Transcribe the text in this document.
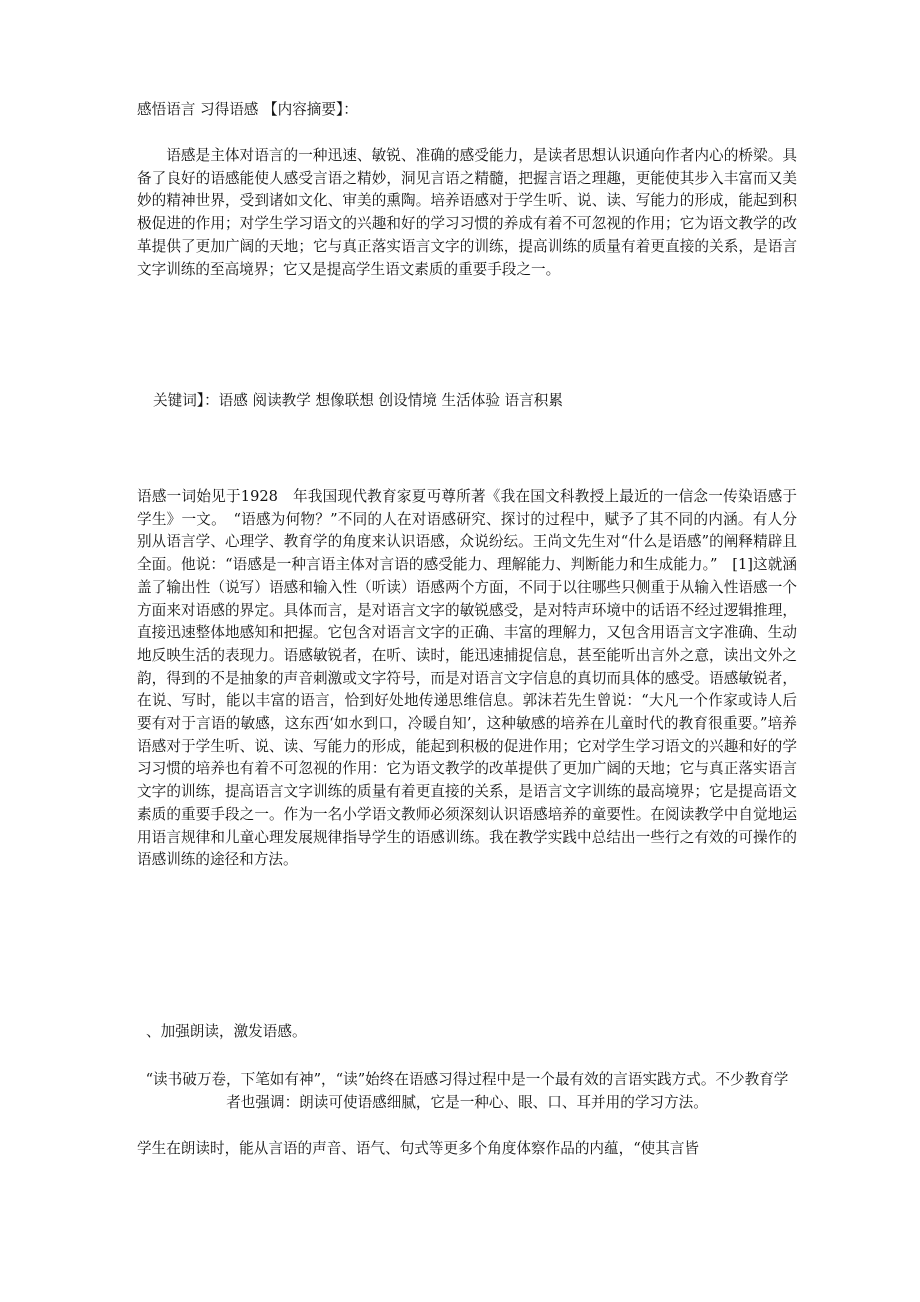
感悟语言 习得语感 【内容摘要】：
语感是主体对语言的一种迅速、敏锐、准确的感受能力，是读者思想认识通向作者内心的桥梁。具备了良好的语感能使人感受言语之精妙，洞见言语之精髓，把握言语之理趣，更能使其步入丰富而又美妙的精神世界，受到诸如文化、审美的熏陶。培养语感对于学生听、说、读、写能力的形成，能起到积极促进的作用；对学生学习语文的兴趣和好的学习习惯的养成有着不可忽视的作用；它为语文教学的改革提供了更加广阔的天地；它与真正落实语言文字的训练，提高训练的质量有着更直接的关系，是语言文字训练的至高境界；它又是提高学生语文素质的重要手段之一。
关键词】：语感 阅读教学 想像联想 创设情境 生活体验 语言积累
语感一词始见于1928　年我国现代教育家夏丏尊所著《我在国文科教授上最近的一信念一传染语感于学生》一文。　“语感为何物？”不同的人在对语感研究、探讨的过程中，赋予了其不同的内涵。有人分别从语言学、心理学、教育学的角度来认识语感，众说纷纭。王尚文先生对“什么是语感”的阐释精辟且全面。他说：“语感是一种言语主体对言语的感受能力、理解能力、判断能力和生成能力。”　[1]这就涵盖了输出性（说写）语感和输入性（听读）语感两个方面，不同于以往哪些只侧重于从输入性语感一个方面来对语感的界定。具体而言，是对语言文字的敏锐感受，是对特声环境中的话语不经过逻辑推理，直接迅速整体地感知和把握。它包含对语言文字的正确、丰富的理解力，又包含用语言文字准确、生动地反映生活的表现力。语感敏锐者，在听、读时，能迅速捕捉信息，甚至能听出言外之意，读出文外之韵，得到的不是抽象的声音刺激或文字符号，而是对语言文字信息的真切而具体的感受。语感敏锐者，在说、写时，能以丰富的语言，恰到好处地传递思维信息。郭沫若先生曾说：“大凡一个作家或诗人后要有对于言语的敏感，这东西‘如水到口，冷暖自知’，这种敏感的培养在儿童时代的教育很重要。”培养语感对于学生听、说、读、写能力的形成，能起到积极的促进作用；它对学生学习语文的兴趣和好的学习习惯的培养也有着不可忽视的作用：它为语文教学的改革提供了更加广阔的天地；它与真正落实语言文字的训练，提高语言文字训练的质量有着更直接的关系，是语言文字训练的最高境界；它是提高语文素质的重要手段之一。作为一名小学语文教师必须深刻认识语感培养的童要性。在阅读教学中自觉地运用语言规律和儿童心理发展规律指导学生的语感训练。我在教学实践中总结出一些行之有效的可操作的语感训练的途径和方法。
、加强朗读，激发语感。
“读书破万卷，下笔如有神”，“读”始终在语感习得过程中是一个最有效的言语实践方式。不少教育学者也强调：朗读可使语感细腻，它是一种心、眼、口、耳并用的学习方法。
学生在朗读时，能从言语的声音、语气、句式等更多个角度体察作品的内蕴，“使其言皆
